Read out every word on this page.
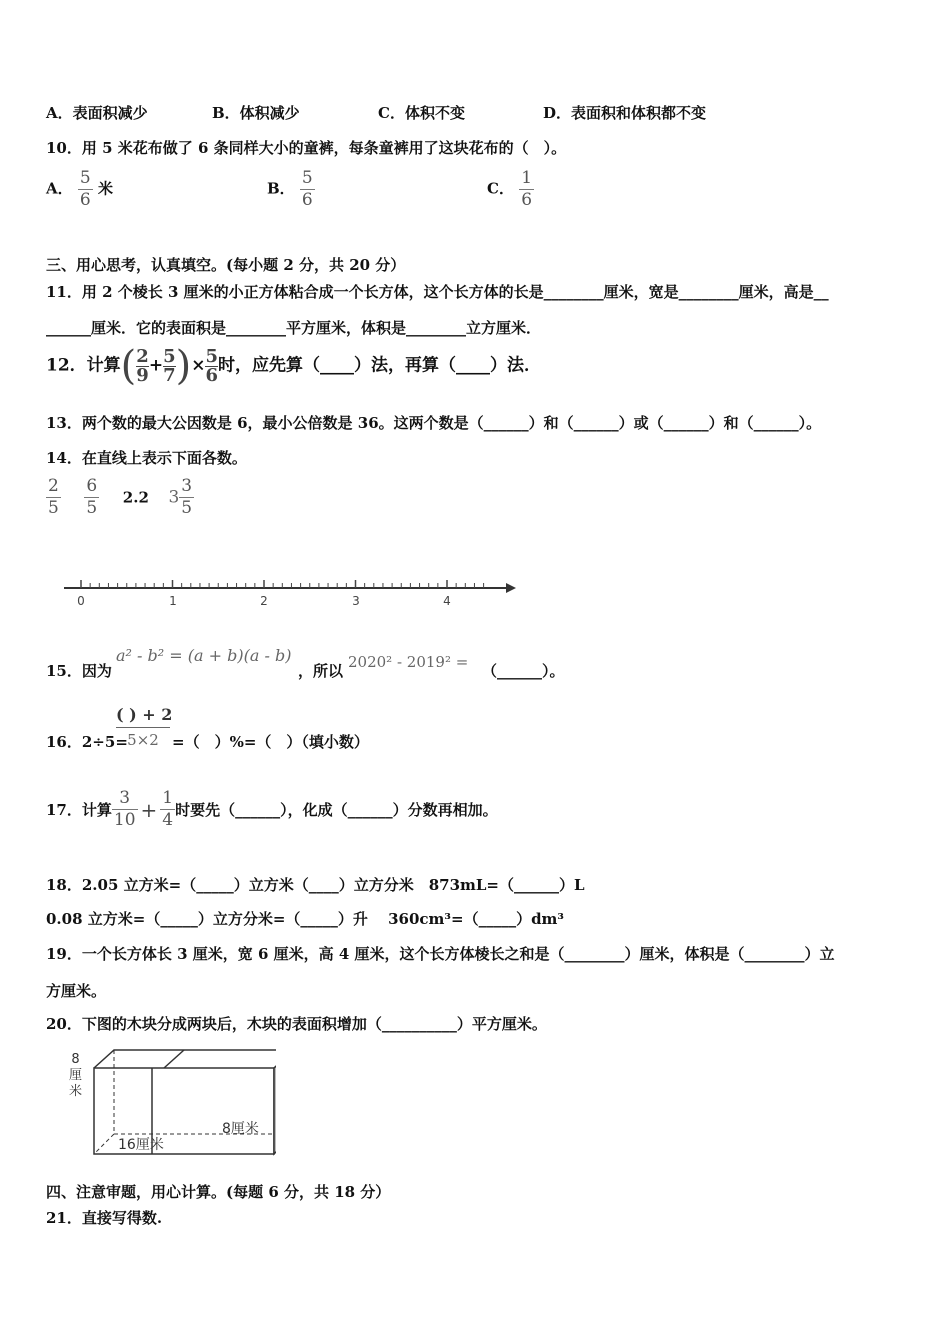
A．表面积减少	B．体积减少	C．体积不变	D．表面积和体积都不变
10．用 5 米花布做了 6 条同样大小的童裤，每条童裤用了这块花布的（　）。
A． $\frac{5}{6}$ 米	B． $\frac{5}{6}$	C． $\frac{1}{6}$
三、用心思考，认真填空。(每小题 2 分，共 20 分）
11．用 2 个棱长 3 厘米的小正方体粘合成一个长方体，这个长方体的长是________厘米，宽是________厘米，高是__
______厘米．它的表面积是________平方厘米，体积是________立方厘米．
12．计算( $\frac{2}{9} + \frac{5}{7}$ )× $\frac{5}{6}$ 时，应先算（____）法，再算（____）法．
13．两个数的最大公因数是 6，最小公倍数是 36。这两个数是（______）和（______）或（______）和（______）。
14．在直线上表示下面各数。
$\frac{2}{5}$
$\frac{6}{5} 2.2$ $3 \frac{3}{5}$
0	1	2	3	4
15．因为
a² - b² = (a + b)(a - b)
，所以 2020² - 2019² = （______）。
16．2÷5=
$\frac{( ) + 2}{5\times 2}$ =（　）%=（　）（填小数）
17．计算 $\frac{3}{10} + \frac{1}{4}$ 时要先（______），化成（______）分数再相加。
18．2.05 立方米=（_____）立方米（____）立方分米　873mL=（______）L
0.08 立方米=（_____）立方分米=（_____）升　 360cm³=（_____）dm³
19．一个长方体长 3 厘米，宽 6 厘米，高 4 厘米，这个长方体棱长之和是（________）厘米，体积是（________）立
方厘米。
20．下图的木块分成两块后，木块的表面积增加（__________）平方厘米。
8
厘
米
16厘米
8厘米
四、注意审题，用心计算。(每题 6 分，共 18 分）
21．直接写得数.
